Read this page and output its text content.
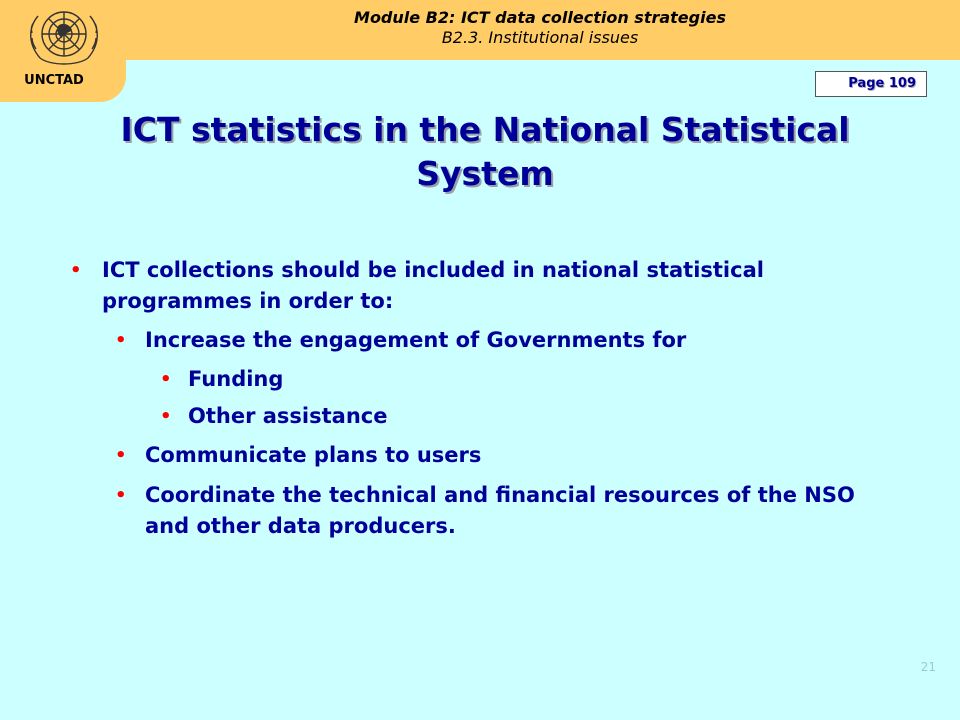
UNCTAD
Module B2: ICT data collection strategies
B2.3. Institutional issues
Page 109
ICT statistics in the National Statistical System
• ICT collections should be included in national statistical programmes in order to:
• Increase the engagement of Governments for
• Funding
• Other assistance
• Communicate plans to users
• Coordinate the technical and financial resources of the NSO and other data producers.
21
